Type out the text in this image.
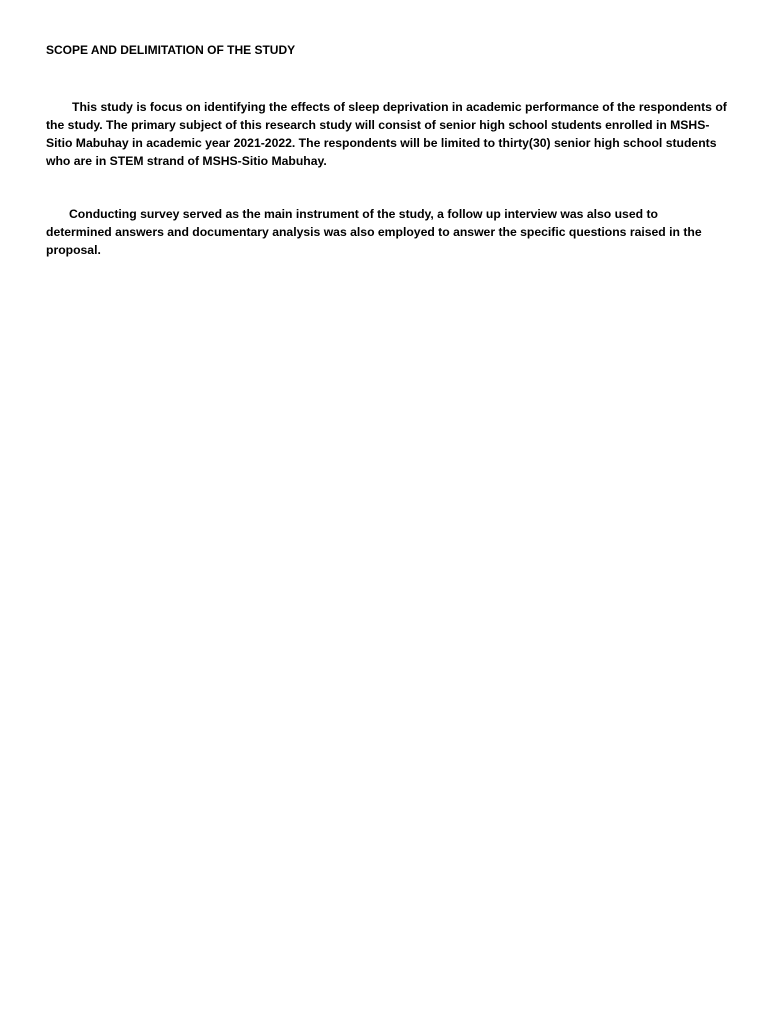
SCOPE AND DELIMITATION OF THE STUDY
This study is focus on identifying the effects of sleep deprivation in academic performance of the respondents of
the study. The primary subject of this research study will consist of senior high school students enrolled in MSHS-
Sitio Mabuhay in academic year 2021-2022. The respondents will be limited to thirty(30) senior high school students
who are in STEM strand of MSHS-Sitio Mabuhay.
Conducting survey served as the main instrument of the study, a follow up interview was also used to
determined answers and documentary analysis was also employed to answer the specific questions raised in the
proposal.
